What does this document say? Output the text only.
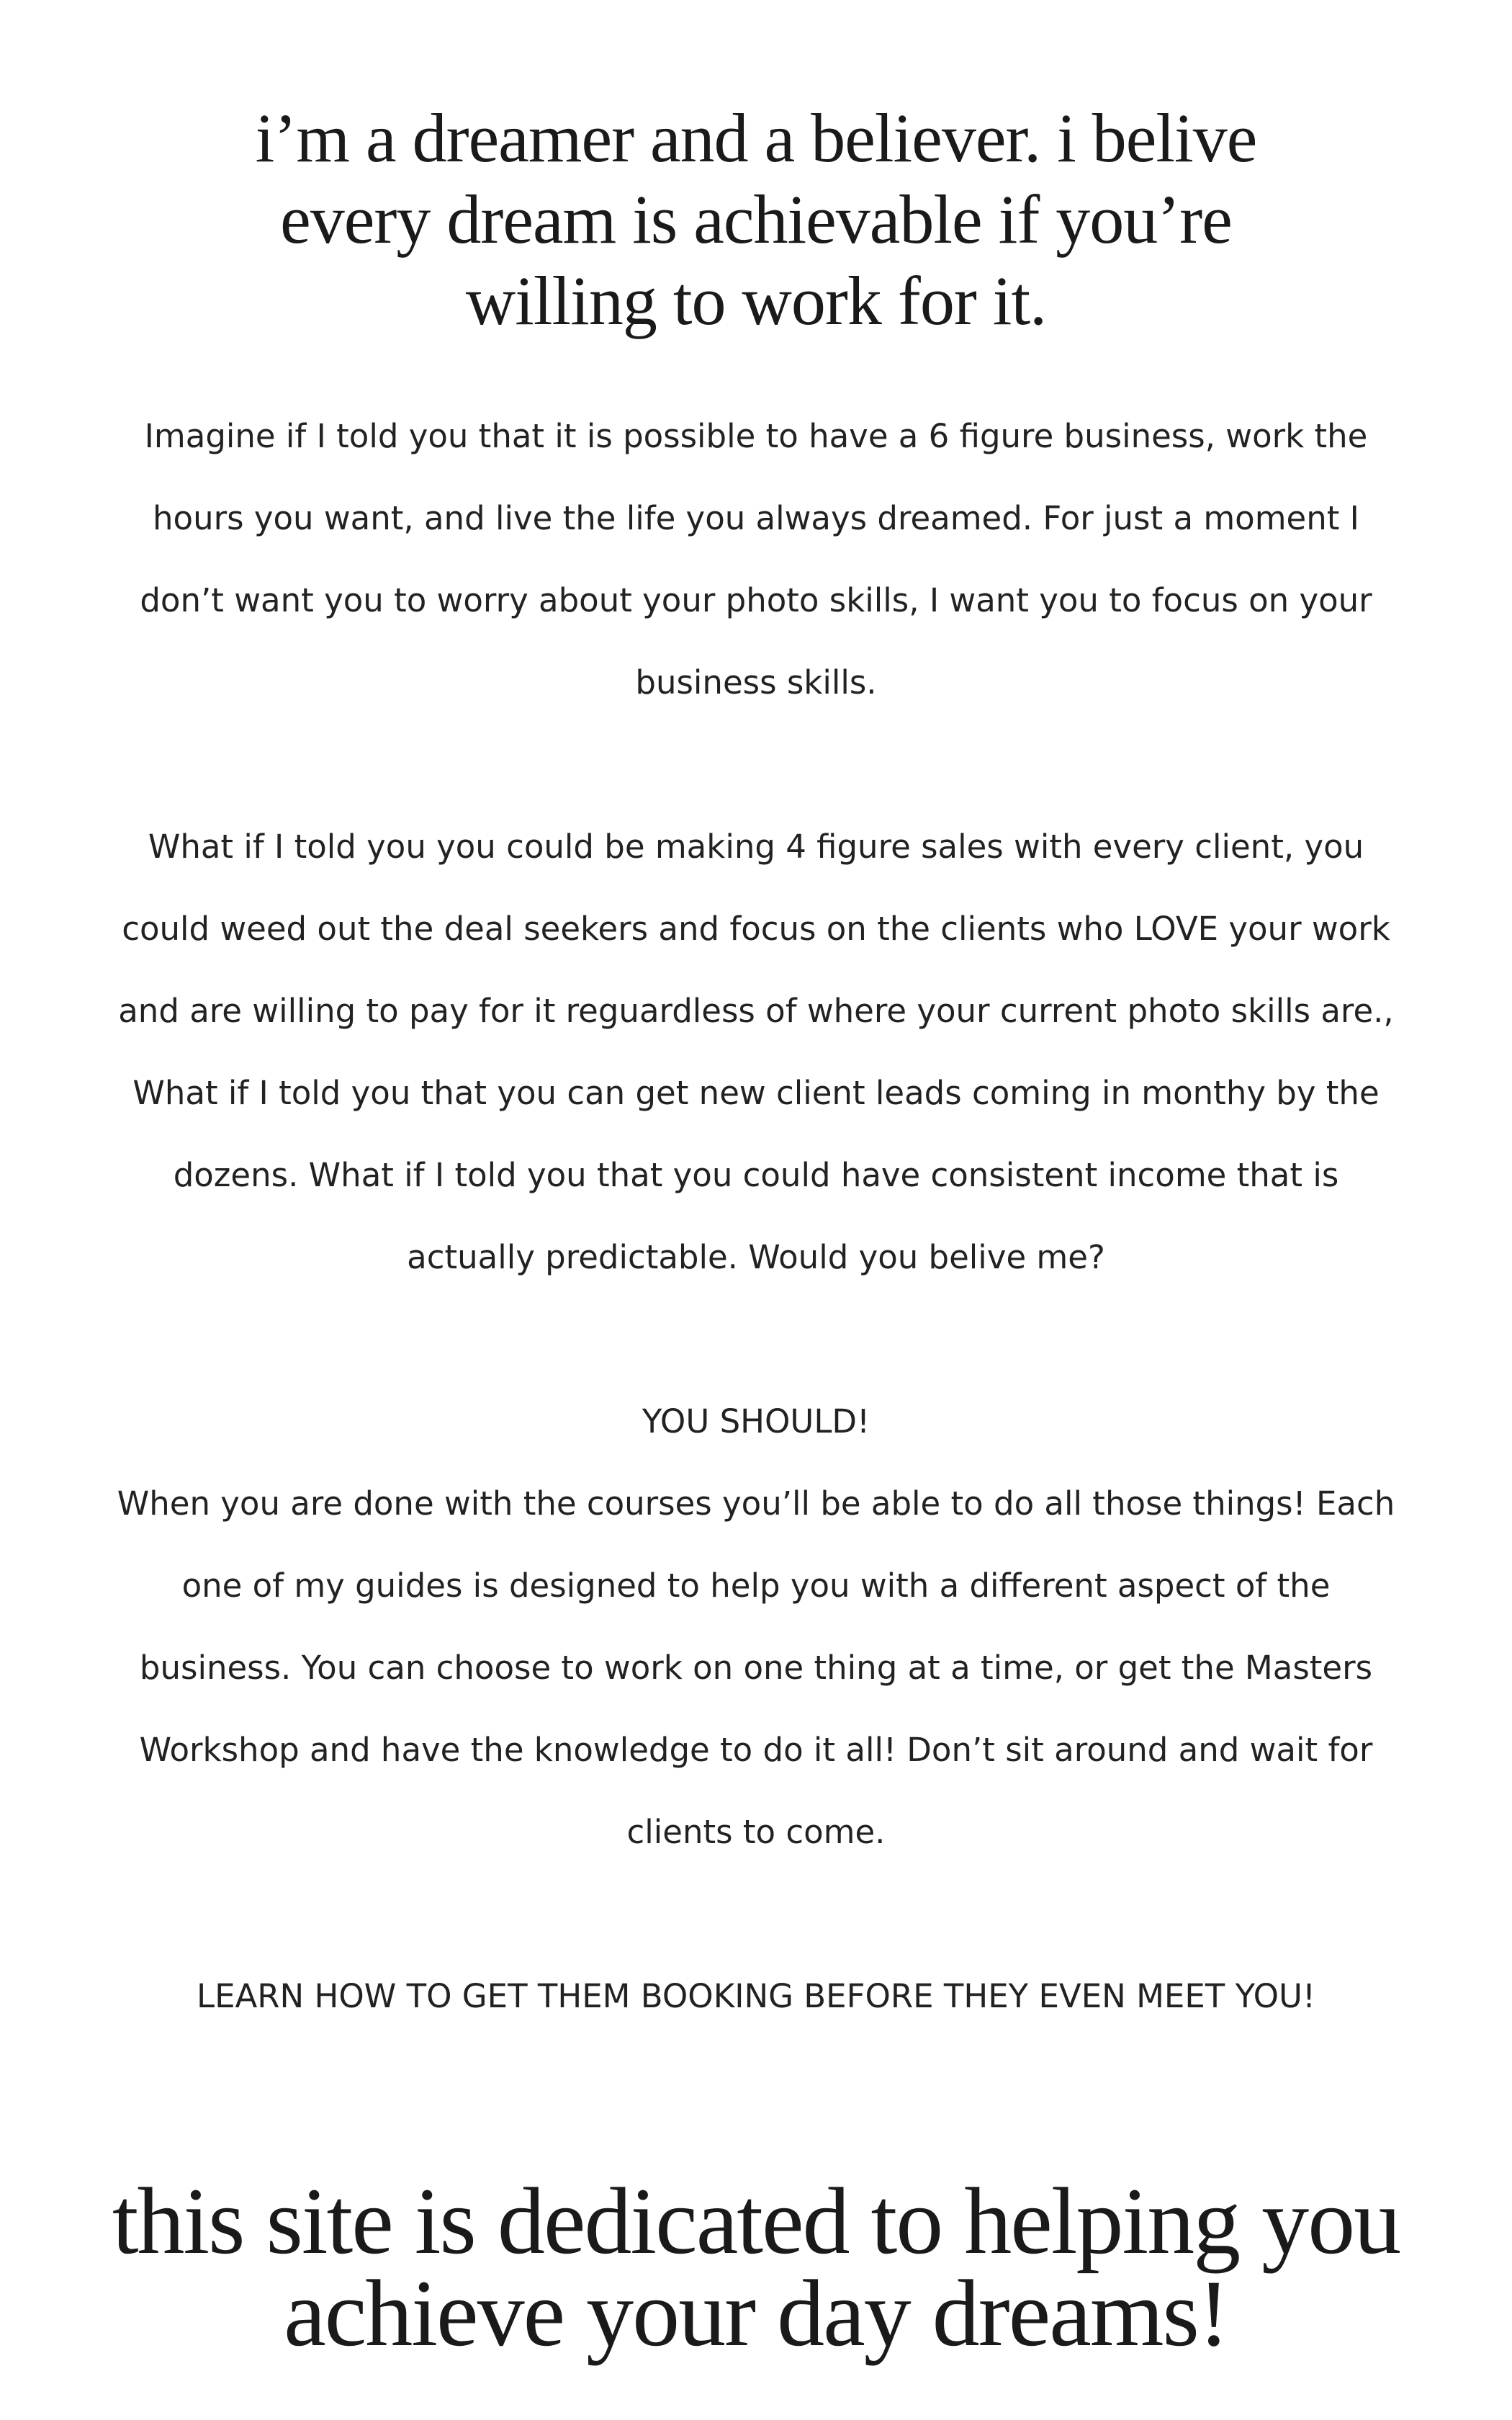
i’m a dreamer and a believer. i belive
every dream is achievable if you’re
willing to work for it.

Imagine if I told you that it is possible to have a 6 figure business, work the
hours you want, and live the life you always dreamed. For just a moment I
don’t want you to worry about your photo skills, I want you to focus on your
business skills.

What if I told you you could be making 4 figure sales with every client, you
could weed out the deal seekers and focus on the clients who LOVE your work
and are willing to pay for it reguardless of where your current photo skills are.,
What if I told you that you can get new client leads coming in monthy by the
dozens. What if I told you that you could have consistent income that is
actually predictable. Would you belive me?

YOU SHOULD!
When you are done with the courses you’ll be able to do all those things! Each
one of my guides is designed to help you with a different aspect of the
business. You can choose to work on one thing at a time, or get the Masters
Workshop and have the knowledge to do it all! Don’t sit around and wait for
clients to come.

LEARN HOW TO GET THEM BOOKING BEFORE THEY EVEN MEET YOU!

this site is dedicated to helping you
achieve your day dreams!
